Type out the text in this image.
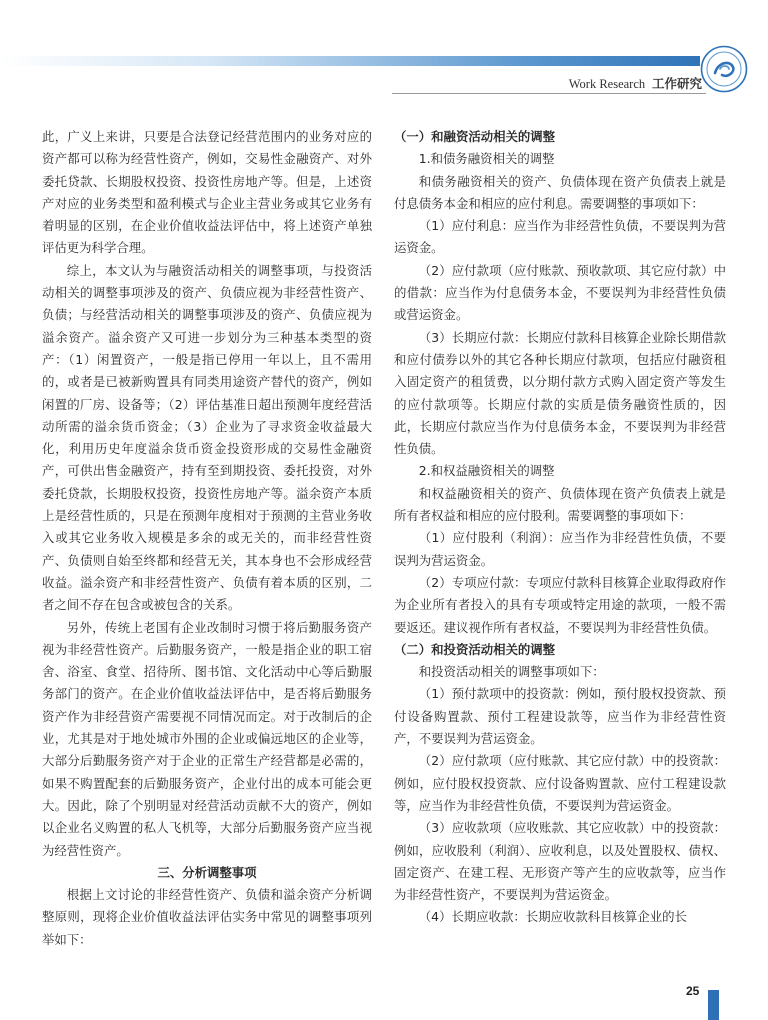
Work Research 工作研究

此，广义上来讲，只要是合法登记经营范围内的业务对应的资产都可以称为经营性资产，例如，交易性金融资产、对外委托贷款、长期股权投资、投资性房地产等。但是，上述资产对应的业务类型和盈利模式与企业主营业务或其它业务有着明显的区别，在企业价值收益法评估中，将上述资产单独评估更为科学合理。

综上，本文认为与融资活动相关的调整事项，与投资活动相关的调整事项涉及的资产、负债应视为非经营性资产、负债；与经营活动相关的调整事项涉及的资产、负债应视为溢余资产。溢余资产又可进一步划分为三种基本类型的资产：（1）闲置资产，一般是指已停用一年以上，且不需用的，或者是已被新购置具有同类用途资产替代的资产，例如闲置的厂房、设备等；（2）评估基准日超出预测年度经营活动所需的溢余货币资金；（3）企业为了寻求资金收益最大化，利用历史年度溢余货币资金投资形成的交易性金融资产，可供出售金融资产，持有至到期投资、委托投资，对外委托贷款，长期股权投资，投资性房地产等。溢余资产本质上是经营性质的，只是在预测年度相对于预测的主营业务收入或其它业务收入规模是多余的或无关的，而非经营性资产、负债则自始至终都和经营无关，其本身也不会形成经营收益。溢余资产和非经营性资产、负债有着本质的区别，二者之间不存在包含或被包含的关系。

另外，传统上老国有企业改制时习惯于将后勤服务资产视为非经营性资产。后勤服务资产，一般是指企业的职工宿舍、浴室、食堂、招待所、图书馆、文化活动中心等后勤服务部门的资产。在企业价值收益法评估中，是否将后勤服务资产作为非经营资产需要视不同情况而定。对于改制后的企业，尤其是对于地处城市外围的企业或偏远地区的企业等，大部分后勤服务资产对于企业的正常生产经营都是必需的，如果不购置配套的后勤服务资产，企业付出的成本可能会更大。因此，除了个别明显对经营活动贡献不大的资产，例如以企业名义购置的私人飞机等，大部分后勤服务资产应当视为经营性资产。

三、分析调整事项

根据上文讨论的非经营性资产、负债和溢余资产分析调整原则，现将企业价值收益法评估实务中常见的调整事项列举如下：

（一）和融资活动相关的调整

1.和债务融资相关的调整

和债务融资相关的资产、负债体现在资产负债表上就是付息债务本金和相应的应付利息。需要调整的事项如下：

（1）应付利息：应当作为非经营性负债，不要误判为营运资金。

（2）应付款项（应付账款、预收款项、其它应付款）中的借款：应当作为付息债务本金，不要误判为非经营性负债或营运资金。

（3）长期应付款：长期应付款科目核算企业除长期借款和应付债券以外的其它各种长期应付款项，包括应付融资租入固定资产的租赁费，以分期付款方式购入固定资产等发生的应付款项等。长期应付款的实质是债务融资性质的，因此，长期应付款应当作为付息债务本金，不要误判为非经营性负债。

2.和权益融资相关的调整

和权益融资相关的资产、负债体现在资产负债表上就是所有者权益和相应的应付股利。需要调整的事项如下：

（1）应付股利（利润）：应当作为非经营性负债，不要误判为营运资金。

（2）专项应付款：专项应付款科目核算企业取得政府作为企业所有者投入的具有专项或特定用途的款项，一般不需要返还。建议视作所有者权益，不要误判为非经营性负债。

（二）和投资活动相关的调整

和投资活动相关的调整事项如下：

（1）预付款项中的投资款：例如，预付股权投资款、预付设备购置款、预付工程建设款等，应当作为非经营性资产，不要误判为营运资金。

（2）应付款项（应付账款、其它应付款）中的投资款：例如，应付股权投资款、应付设备购置款、应付工程建设款等，应当作为非经营性负债，不要误判为营运资金。

（3）应收款项（应收账款、其它应收款）中的投资款：例如，应收股利（利润）、应收利息，以及处置股权、债权、固定资产、在建工程、无形资产等产生的应收款等，应当作为非经营性资产，不要误判为营运资金。

（4）长期应收款：长期应收款科目核算企业的长

25
